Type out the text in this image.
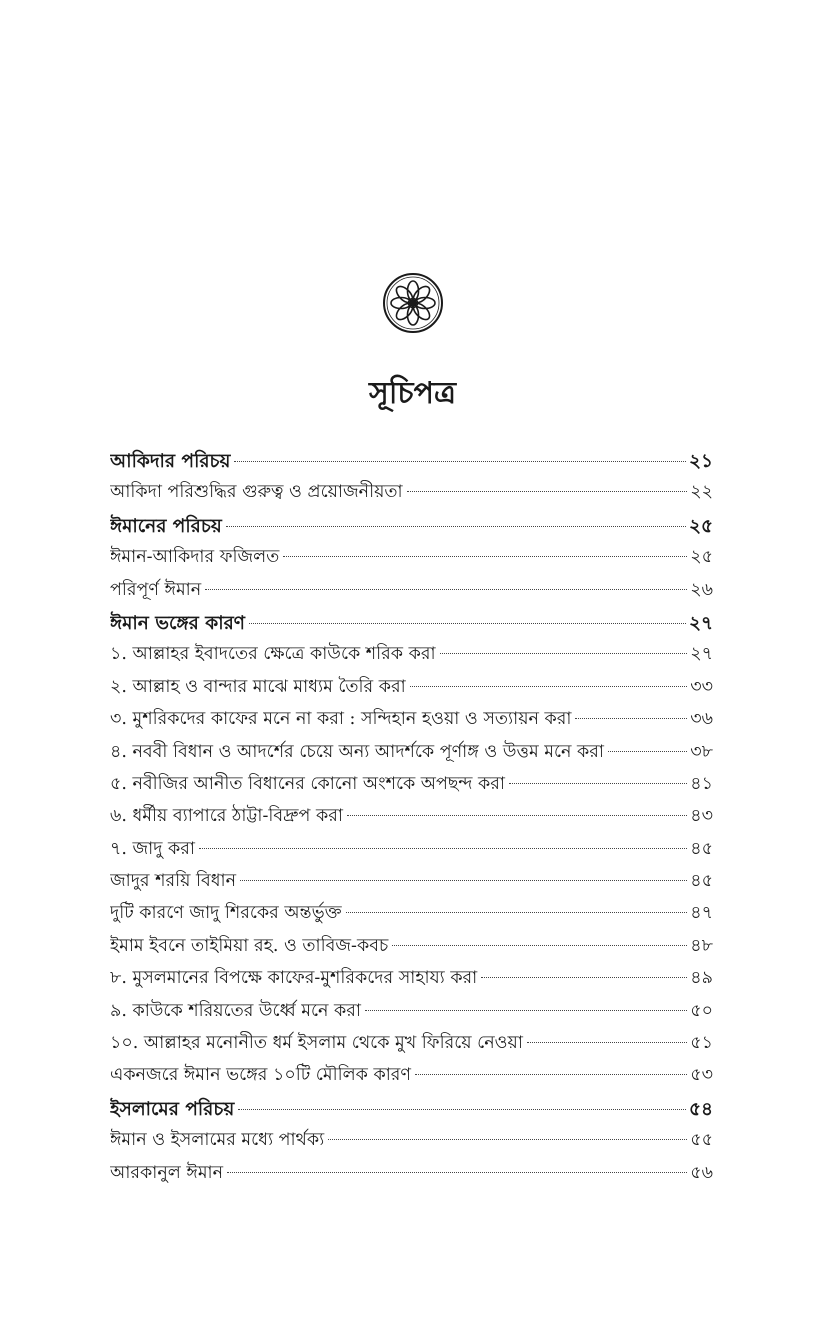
সূচিপত্র
আকিদার পরিচয়	২১
আকিদা পরিশুদ্ধির গুরুত্ব ও প্রয়োজনীয়তা	২২
ঈমানের পরিচয়	২৫
ঈমান-আকিদার ফজিলত	২৫
পরিপূর্ণ ঈমান	২৬
ঈমান ভঙ্গের কারণ	২৭
১. আল্লাহর ইবাদতের ক্ষেত্রে কাউকে শরিক করা	২৭
২. আল্লাহ ও বান্দার মাঝে মাধ্যম তৈরি করা	৩৩
৩. মুশরিকদের কাফের মনে না করা : সন্দিহান হওয়া ও সত্যায়ন করা	৩৬
৪. নববী বিধান ও আদর্শের চেয়ে অন্য আদর্শকে পূর্ণাঙ্গ ও উত্তম মনে করা	৩৮
৫. নবীজির আনীত বিধানের কোনো অংশকে অপছন্দ করা	৪১
৬. ধর্মীয় ব্যাপারে ঠাট্টা-বিদ্রুপ করা	৪৩
৭. জাদু করা	৪৫
জাদুর শরয়ি বিধান	৪৫
দুটি কারণে জাদু শিরকের অন্তর্ভুক্ত	৪৭
ইমাম ইবনে তাইমিয়া রহ. ও তাবিজ-কবচ	৪৮
৮. মুসলমানের বিপক্ষে কাফের-মুশরিকদের সাহায্য করা	৪৯
৯. কাউকে শরিয়তের উর্ধ্বে মনে করা	৫০
১০. আল্লাহর মনোনীত ধর্ম ইসলাম থেকে মুখ ফিরিয়ে নেওয়া	৫১
একনজরে ঈমান ভঙ্গের ১০টি মৌলিক কারণ	৫৩
ইসলামের পরিচয়	৫৪
ঈমান ও ইসলামের মধ্যে পার্থক্য	৫৫
আরকানুল ঈমান	৫৬
